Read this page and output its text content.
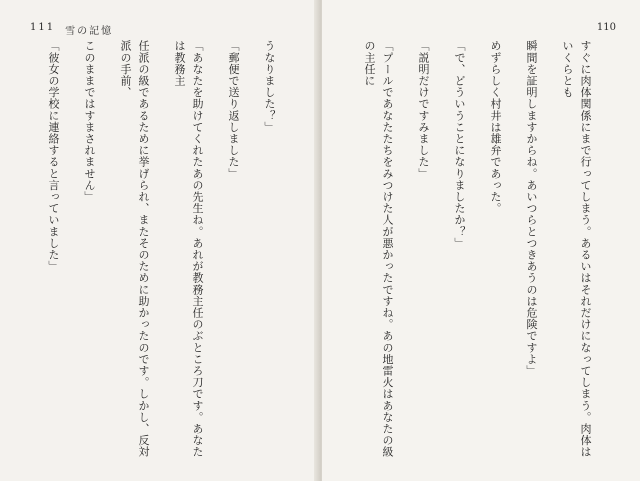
111 雪の記憶

うなりました？」

「郵便で送り返しました」

「あなたを助けてくれたあの先生ね。あれが教務主任のぶところ刀です。あなたは教務主

任派の級であるために挙げられ、またそのために助かったのです。しかし、反対派の手前、

このままではすまされません」

「彼女の学校に連絡すると言っていました」

110

すぐに肉体関係にまで行ってしまう。あるいはそれだけになってしまう。肉体はいくらとも

瞬間を証明しますからね。あいつらとつきあうのは危険ですよ」

めずらしく村井は雄弁であった。

「で、どういうことになりましたか？」

「説明だけですみました」

「プールであなたたちをみつけた人が悪かったですね。あの地雷火はあなたの級の主任に
